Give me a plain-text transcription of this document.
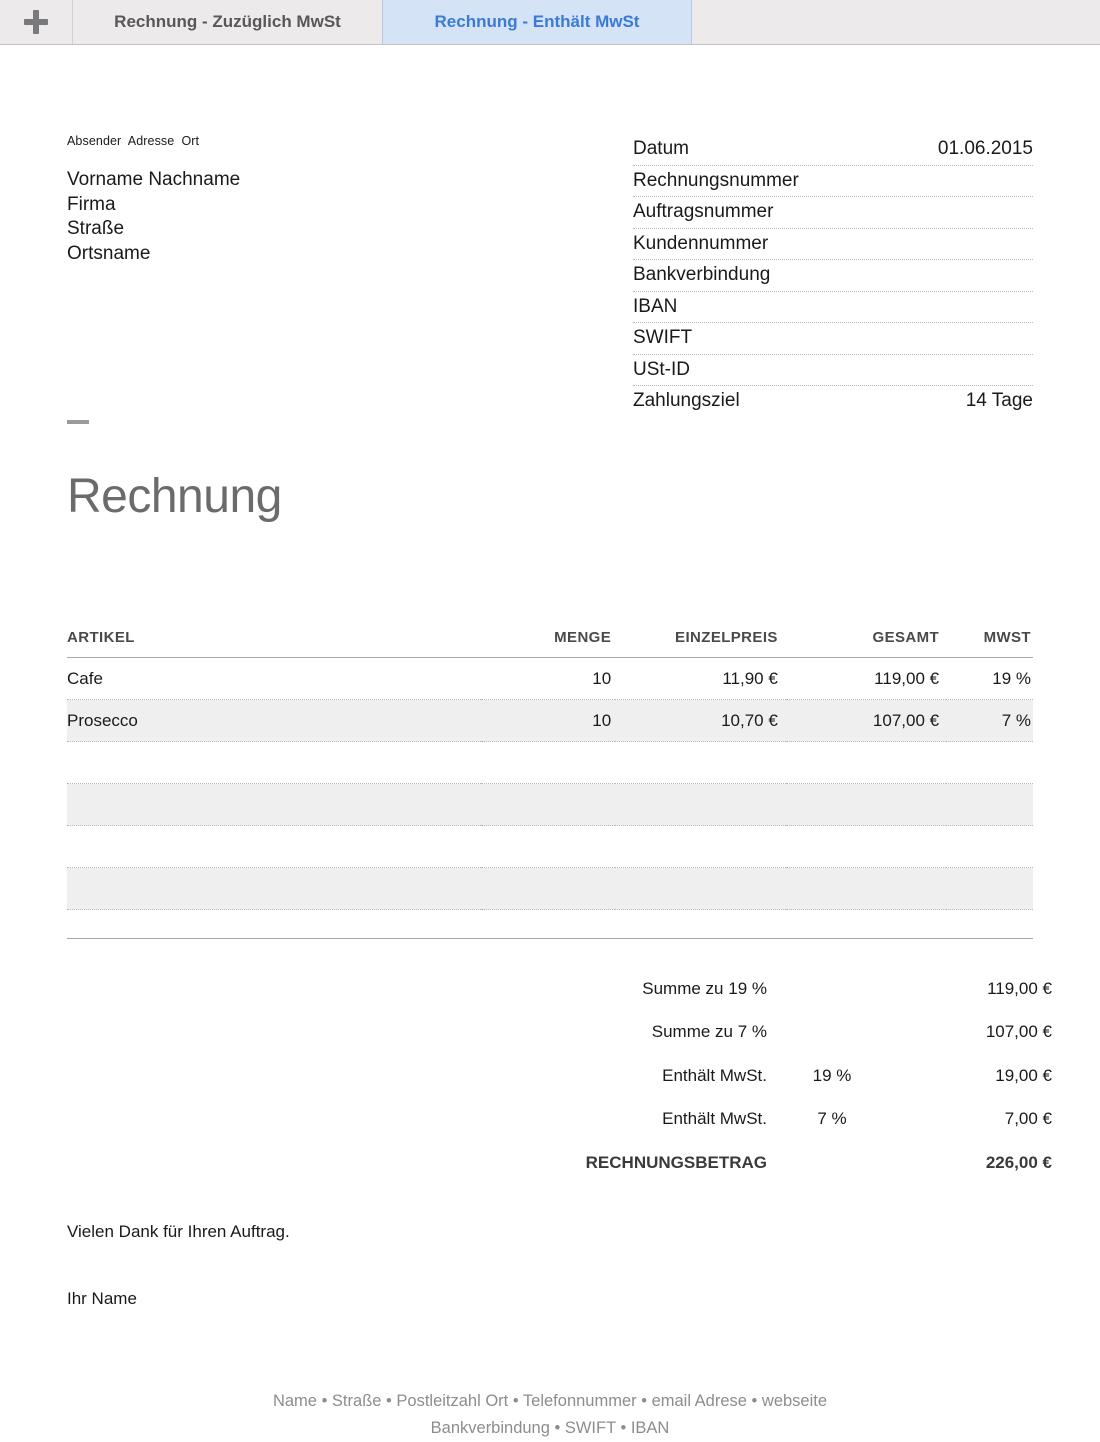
Rechnung - Zuzüglich MwSt	Rechnung - Enthält MwSt
Absender  Adresse  Ort
Vorname Nachname
Firma
Straße
Ortsname
Datum	01.06.2015
Rechnungsnummer
Auftragsnummer
Kundennummer
Bankverbindung
IBAN
SWIFT
USt-ID
Zahlungsziel	14 Tage
Rechnung
ARTIKEL	MENGE	EINZELPREIS	GESAMT	MWST
Cafe	10	11,90 €	119,00 €	19 %
Prosecco	10	10,70 €	107,00 €	7 %

	Summe zu 19 %		119,00 €
	Summe zu 7 %		107,00 €
	Enthält MwSt.	19 %	19,00 €
	Enthält MwSt.	7 %	7,00 €
	RECHNUNGSBETRAG		226,00 €
Vielen Dank für Ihren Auftrag.
Ihr Name
Name • Straße • Postleitzahl Ort • Telefonnummer • email Adrese • webseite
Bankverbindung • SWIFT • IBAN
